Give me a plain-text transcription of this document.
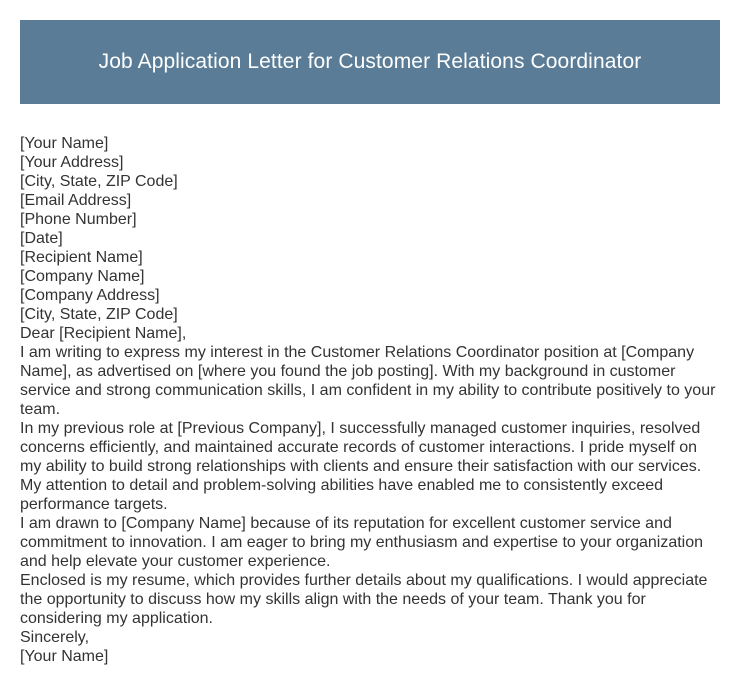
Job Application Letter for Customer Relations Coordinator
[Your Name]
[Your Address]
[City, State, ZIP Code]
[Email Address]
[Phone Number]
[Date]
[Recipient Name]
[Company Name]
[Company Address]
[City, State, ZIP Code]
Dear [Recipient Name],

I am writing to express my interest in the Customer Relations Coordinator position at [Company Name], as advertised on [where you found the job posting]. With my background in customer service and strong communication skills, I am confident in my ability to contribute positively to your team.

In my previous role at [Previous Company], I successfully managed customer inquiries, resolved concerns efficiently, and maintained accurate records of customer interactions. I pride myself on my ability to build strong relationships with clients and ensure their satisfaction with our services. My attention to detail and problem-solving abilities have enabled me to consistently exceed performance targets.

I am drawn to [Company Name] because of its reputation for excellent customer service and commitment to innovation. I am eager to bring my enthusiasm and expertise to your organization and help elevate your customer experience.

Enclosed is my resume, which provides further details about my qualifications. I would appreciate the opportunity to discuss how my skills align with the needs of your team. Thank you for considering my application.

Sincerely,
[Your Name]
